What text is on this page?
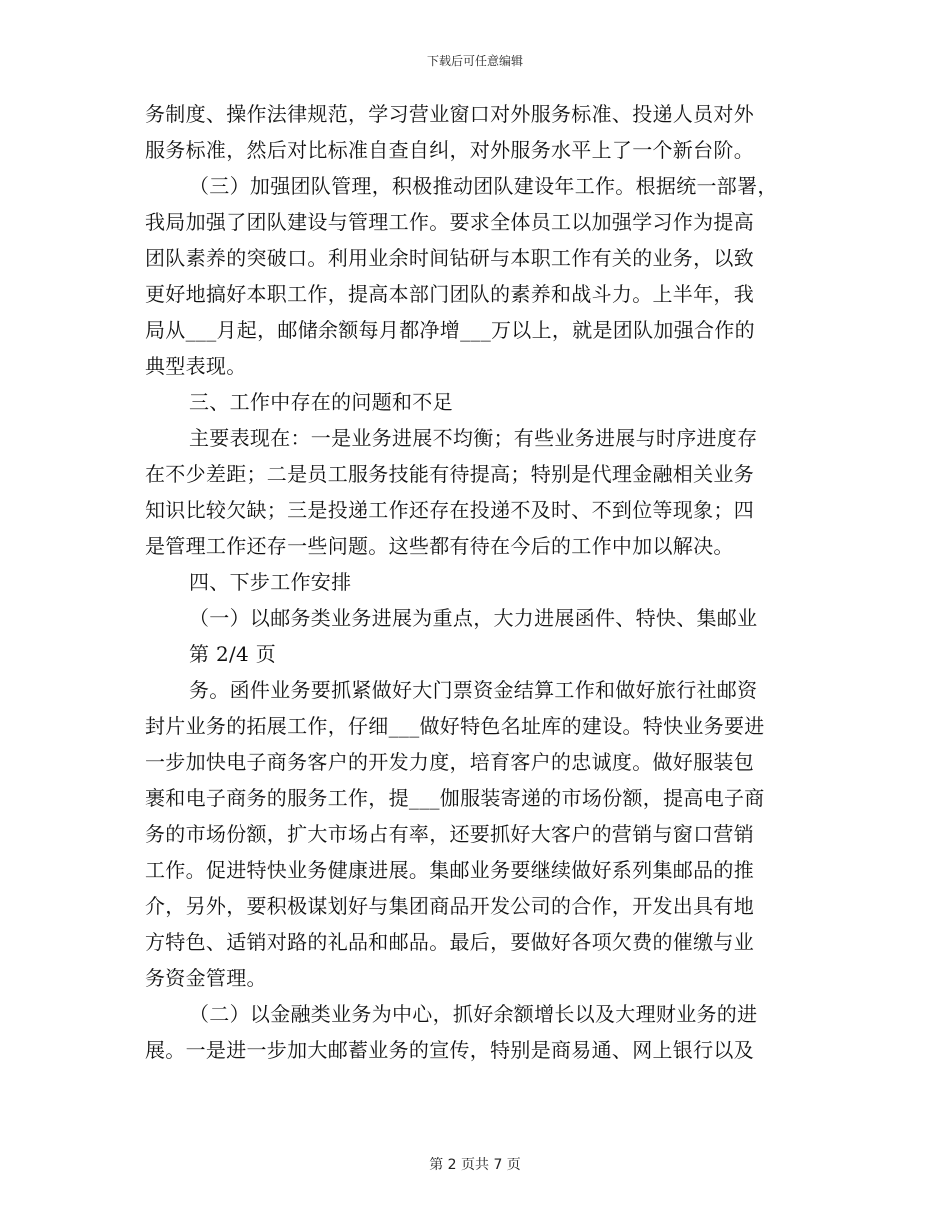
下载后可任意编辑
务制度、操作法律规范，学习营业窗口对外服务标准、投递人员对外
服务标准，然后对比标准自查自纠，对外服务水平上了一个新台阶。
（三）加强团队管理，积极推动团队建设年工作。根据统一部署，
我局加强了团队建设与管理工作。要求全体员工以加强学习作为提高
团队素养的突破口。利用业余时间钻研与本职工作有关的业务，以致
更好地搞好本职工作，提高本部门团队的素养和战斗力。上半年，我
局从___月起，邮储余额每月都净增___万以上，就是团队加强合作的
典型表现。
三、工作中存在的问题和不足
主要表现在：一是业务进展不均衡；有些业务进展与时序进度存
在不少差距；二是员工服务技能有待提高；特别是代理金融相关业务
知识比较欠缺；三是投递工作还存在投递不及时、不到位等现象；四
是管理工作还存一些问题。这些都有待在今后的工作中加以解决。
四、下步工作安排
（一）以邮务类业务进展为重点，大力进展函件、特快、集邮业
第 2/4 页
务。函件业务要抓紧做好大门票资金结算工作和做好旅行社邮资
封片业务的拓展工作，仔细___做好特色名址库的建设。特快业务要进
一步加快电子商务客户的开发力度，培育客户的忠诚度。做好服装包
裹和电子商务的服务工作，提___伽服装寄递的市场份额，提高电子商
务的市场份额，扩大市场占有率，还要抓好大客户的营销与窗口营销
工作。促进特快业务健康进展。集邮业务要继续做好系列集邮品的推
介，另外，要积极谋划好与集团商品开发公司的合作，开发出具有地
方特色、适销对路的礼品和邮品。最后，要做好各项欠费的催缴与业
务资金管理。
（二）以金融类业务为中心，抓好余额增长以及大理财业务的进
展。一是进一步加大邮蓄业务的宣传，特别是商易通、网上银行以及
第 2 页共 7 页
